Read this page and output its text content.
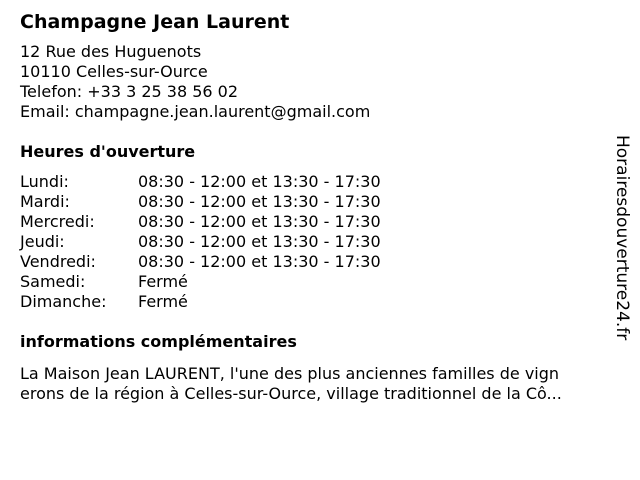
Champagne Jean Laurent
12 Rue des Huguenots
10110 Celles-sur-Ource
Telefon: +33 3 25 38 56 02
Email: champagne.jean.laurent@gmail.com
Heures d'ouverture
Lundi:	08:30 - 12:00 et 13:30 - 17:30
Mardi:	08:30 - 12:00 et 13:30 - 17:30
Mercredi:	08:30 - 12:00 et 13:30 - 17:30
Jeudi:	08:30 - 12:00 et 13:30 - 17:30
Vendredi:	08:30 - 12:00 et 13:30 - 17:30
Samedi:	Fermé
Dimanche:	Fermé
informations complémentaires
La Maison Jean LAURENT, l'une des plus anciennes familles de vign
erons de la région à Celles-sur-Ource, village traditionnel de la Cô...
Horairesdouverture24.fr
